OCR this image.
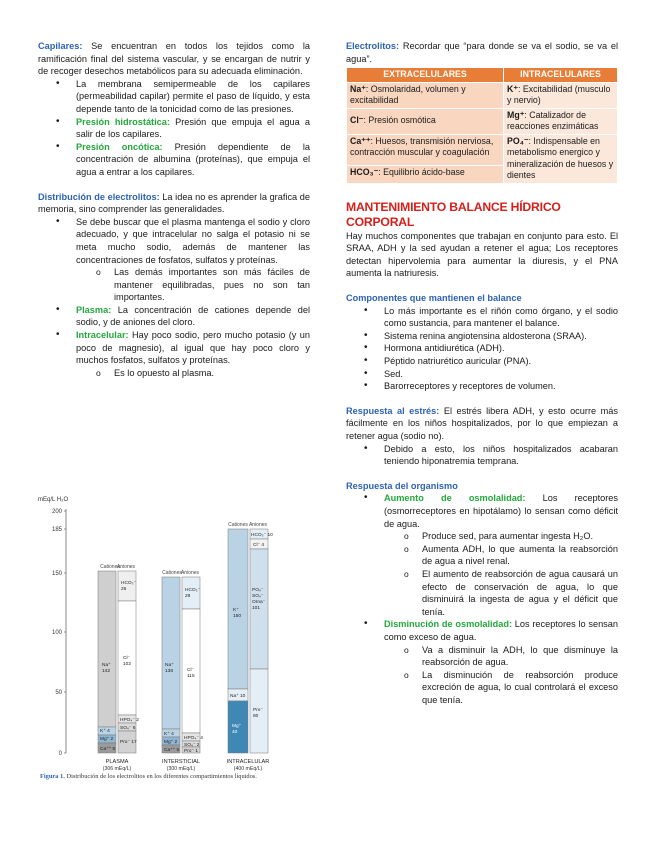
Capilares: Se encuentran en todos los tejidos como la ramificación final del sistema vascular, y se encargan de nutrir y de recoger desechos metabólicos para su adecuada eliminación.

• La membrana semipermeable de los capilares (permeabilidad capilar) permite el paso de líquido, y esta depende tanto de la tonicidad como de las presiones.
• Presión hidrostática: Presión que empuja el agua a salir de los capilares.
• Presión oncótica: Presión dependiente de la concentración de albumina (proteínas), que empuja el agua a entrar a los capilares.

Distribución de electrolitos: La idea no es aprender la grafica de memoria, sino comprender las generalidades.

• Se debe buscar que el plasma mantenga el sodio y cloro adecuado, y que intracelular no salga el potasio ni se meta mucho sodio, además de mantener las concentraciones de fosfatos, sulfatos y proteínas.
o Las demás importantes son más fáciles de mantener equilibradas, pues no son tan importantes.
• Plasma: La concentración de cationes depende del sodio, y de aniones del cloro.
• Intracelular: Hay poco sodio, pero mucho potasio (y un poco de magnesio), al igual que hay poco cloro y muchos fosfatos, sulfatos y proteínas.
o Es lo opuesto al plasma.
mEq/L H₂O
200
185
150
100
50
0
Cationes
Aniones
Na⁺ 142
K⁺ 4
Mg⁺ 2
Ca⁺⁺ 5
HCO₃⁻ 26
Cl⁻ 102
HPO₄⁻ 2
SO₄⁻ 6
Pro⁻ 17
PLASMA
(306 mEq/L)
Cationes Aniones
Na⁺ 138
K⁺ 4
Mg⁺ 2
Ca⁺⁺ 5
HCO₃⁻ 28
Cl⁻ 115
HPO₄⁻ 4
SO₄⁻ 2
Pro⁻ 1
INTERSTICIAL
(300 mEq/L)
Cationes Aniones
K⁺ 150
Na⁺ 10
Mg⁺ 40
HCO₃⁻ 10
Cl⁻ 4
PO₄⁻ SO₄⁻ Orna⁻ 101
Pro⁻ 80
INTRACELULAR
(400 mEq/L)
Figura 1. Distribución de los electrolitos en los diferentes compartimientos líquidos.

Electrolitos: Recordar que “para donde se va el sodio, se va el agua”.

EXTRACELULARES	INTRACELULARES
Na⁺: Osmolaridad, volumen y excitabilidad	K⁺: Excitabilidad (musculo y nervio)
Cl⁻: Presión osmótica	Mg⁺: Catalizador de reacciones enzimáticas
Ca⁺⁺: Huesos, transmisión nerviosa, contracción muscular y coagulación	PO₄⁻: Indispensable en metabolismo energico y mineralización de huesos y dientes
HCO₃⁻: Equilibrio ácido-base	
MANTENIMIENTO BALANCE HÍDRICO CORPORAL

Hay muchos componentes que trabajan en conjunto para esto. El SRAA, ADH y la sed ayudan a retener el agua; Los receptores detectan hipervolemia para aumentar la diuresis, y el PNA aumenta la natriuresis.

Componentes que mantienen el balance
• Lo más importante es el riñón como órgano, y el sodio como sustancia, para mantener el balance.
• Sistema renina angiotensina aldosterona (SRAA).
• Hormona antidiurética (ADH).
• Péptido natriurético auricular (PNA).
• Sed.
• Barorreceptores y receptores de volumen.

Respuesta al estrés: El estrés libera ADH, y esto ocurre más fácilmente en los niños hospitalizados, por lo que empiezan a retener agua (sodio no).

• Debido a esto, los niños hospitalizados acabaran teniendo hiponatremia temprana.
Respuesta del organismo
• Aumento de osmolalidad: Los receptores (osmorreceptores en hipotálamo) lo sensan como déficit de agua.
o Produce sed, para aumentar ingesta H₂O.
o Aumenta ADH, lo que aumenta la reabsorción de agua a nivel renal.
o El aumento de reabsorción de agua causará un efecto de conservación de agua, lo que disminuirá la ingesta de agua y el déficit que tenía.
• Disminución de osmolalidad: Los receptores lo sensan como exceso de agua.
o Va a disminuir la ADH, lo que disminuye la reabsorción de agua.
o La disminución de reabsorción produce excreción de agua, lo cual controlará el exceso que tenía.
